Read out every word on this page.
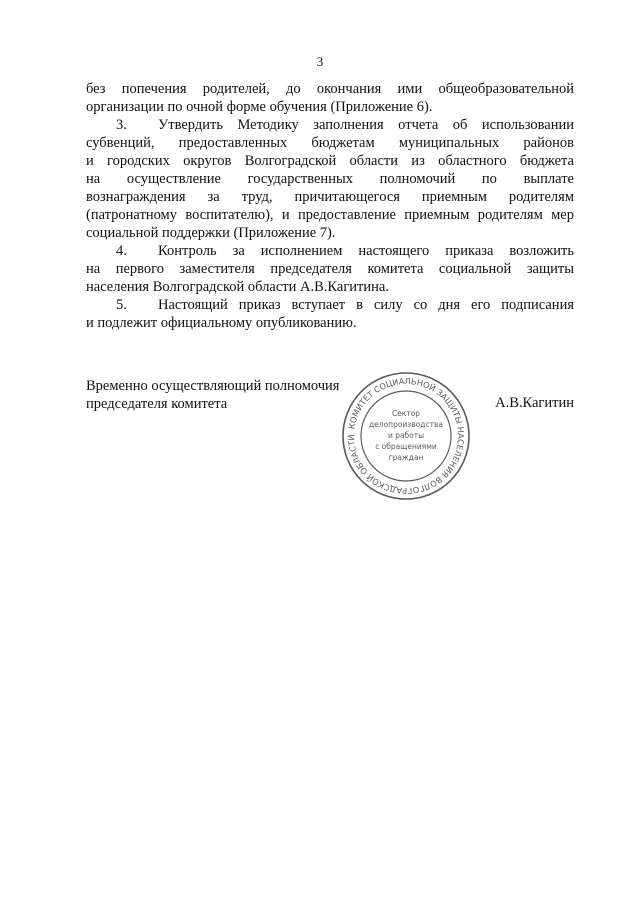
3
без попечения родителей, до окончания ими общеобразовательной
организации по очной форме обучения (Приложение 6).
3. Утвердить Методику заполнения отчета об использовании
субвенций, предоставленных бюджетам муниципальных районов
и городских округов Волгоградской области из областного бюджета
на осуществление государственных полномочий по выплате
вознаграждения за труд, причитающегося приемным родителям
(патронатному воспитателю), и предоставление приемным родителям мер
социальной поддержки (Приложение 7).
4. Контроль за исполнением настоящего приказа возложить
на первого заместителя председателя комитета социальной защиты
населения Волгоградской области А.В.Кагитина.
5. Настоящий приказ вступает в силу со дня его подписания
и подлежит официальному опубликованию.
Временно осуществляющий полномочия
председателя комитета	А.В.Кагитин
КОМИТЕТ СОЦИАЛЬНОЙ ЗАЩИТЫ НАСЕЛЕНИЯ ВОЛГОГРАДСКОЙ ОБЛАСТИ
Сектор
делопроизводства
и работы
с обращениями
граждан
